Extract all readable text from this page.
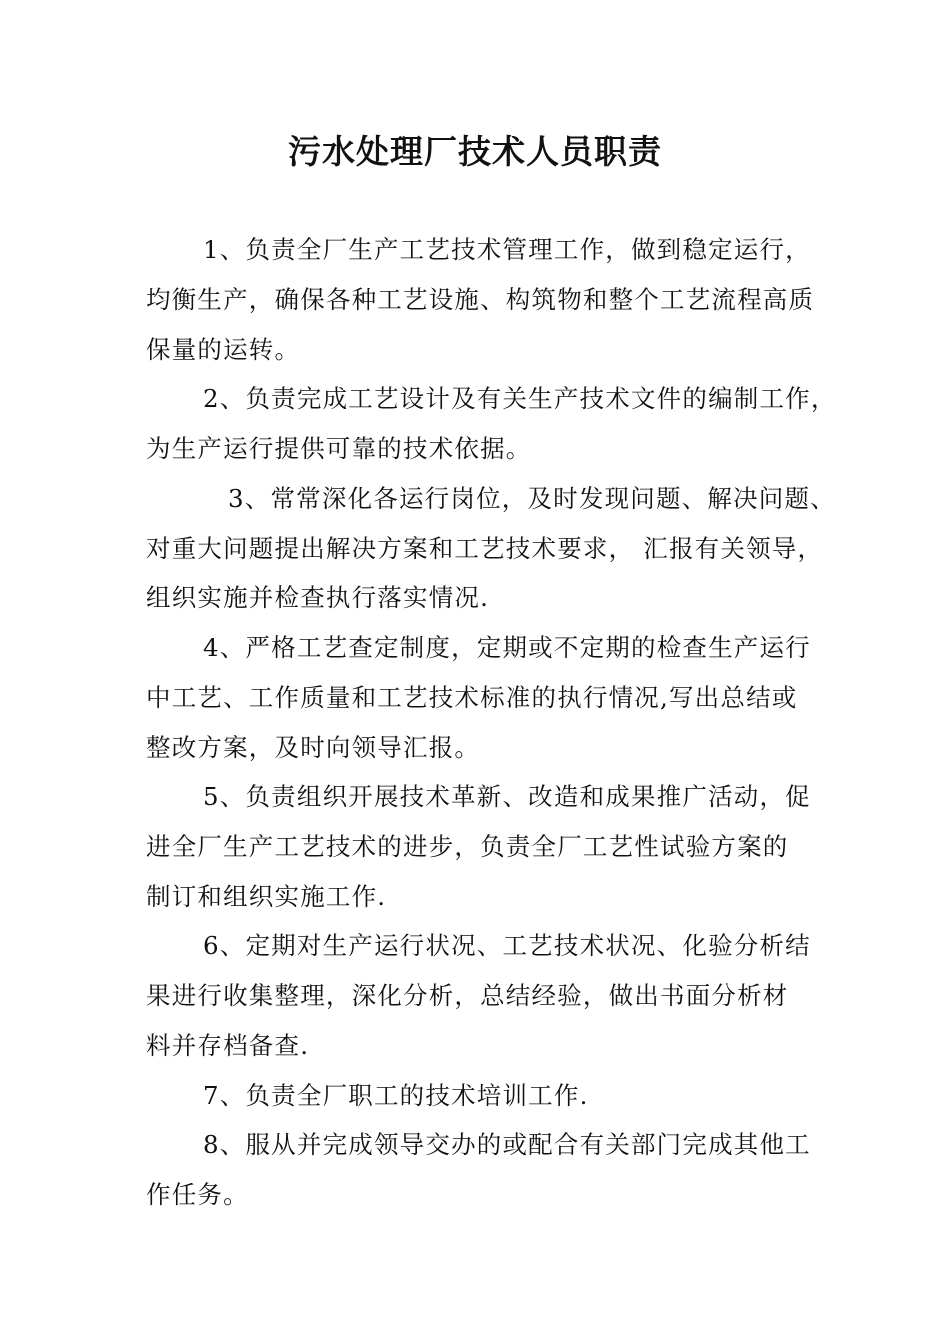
污水处理厂技术人员职责
1、负责全厂生产工艺技术管理工作，做到稳定运行，
均衡生产，确保各种工艺设施、构筑物和整个工艺流程高质
保量的运转。
2、负责完成工艺设计及有关生产技术文件的编制工作，
为生产运行提供可靠的技术依据。
3、常常深化各运行岗位，及时发现问题、解决问题、
对重大问题提出解决方案和工艺技术要求， 汇报有关领导，
组织实施并检查执行落实情况.
4、严格工艺查定制度，定期或不定期的检查生产运行
中工艺、工作质量和工艺技术标准的执行情况,写出总结或
整改方案，及时向领导汇报。
5、负责组织开展技术革新、改造和成果推广活动，促
进全厂生产工艺技术的进步，负责全厂工艺性试验方案的
制订和组织实施工作.
6、定期对生产运行状况、工艺技术状况、化验分析结
果进行收集整理，深化分析，总结经验，做出书面分析材
料并存档备查.
7、负责全厂职工的技术培训工作.
8、服从并完成领导交办的或配合有关部门完成其他工
作任务。
